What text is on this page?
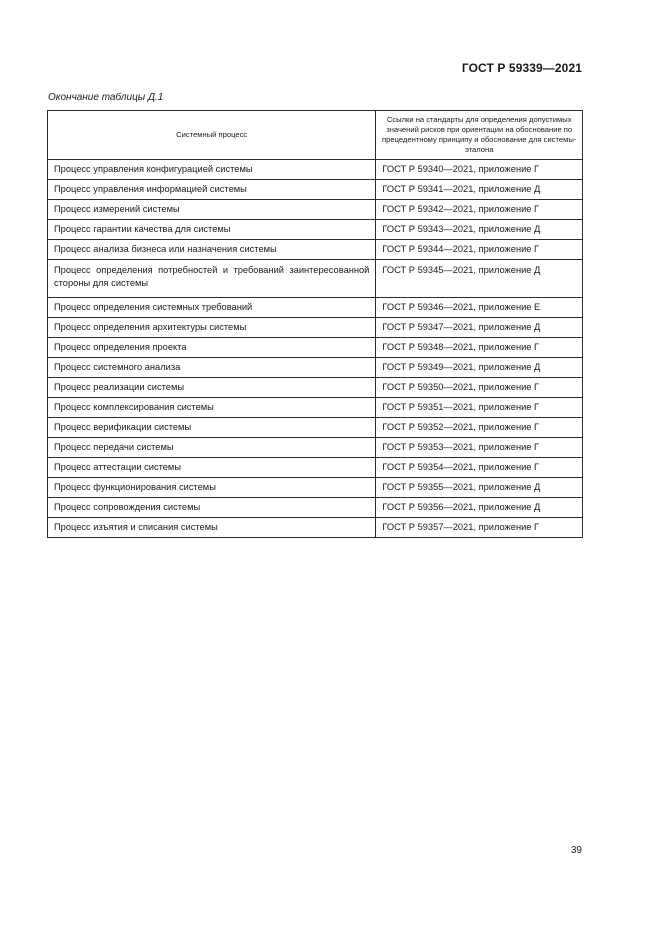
ГОСТ Р 59339—2021
Окончание таблицы Д.1
Системный процесс	Ссылки на стандарты для определения допустимых значений рисков при ориентации на обоснование по прецедентному принципу и обоснование для системы-эталона
Процесс управления конфигурацией системы	ГОСТ Р 59340—2021, приложение Г
Процесс управления информацией системы	ГОСТ Р 59341—2021, приложение Д
Процесс измерений системы	ГОСТ Р 59342—2021, приложение Г
Процесс гарантии качества для системы	ГОСТ Р 59343—2021, приложение Д
Процесс анализа бизнеса или назначения системы	ГОСТ Р 59344—2021, приложение Г
Процесс определения потребностей и требований заинтересованной стороны для системы	ГОСТ Р 59345—2021, приложение Д
Процесс определения системных требований	ГОСТ Р 59346—2021, приложение Е
Процесс определения архитектуры системы	ГОСТ Р 59347—2021, приложение Д
Процесс определения проекта	ГОСТ Р 59348—2021, приложение Г
Процесс системного анализа	ГОСТ Р 59349—2021, приложение Д
Процесс реализации системы	ГОСТ Р 59350—2021, приложение Г
Процесс комплексирования системы	ГОСТ Р 59351—2021, приложение Г
Процесс верификации системы	ГОСТ Р 59352—2021, приложение Г
Процесс передачи системы	ГОСТ Р 59353—2021, приложение Г
Процесс аттестации системы	ГОСТ Р 59354—2021, приложение Г
Процесс функционирования системы	ГОСТ Р 59355—2021, приложение Д
Процесс сопровождения системы	ГОСТ Р 59356—2021, приложение Д
Процесс изъятия и списания системы	ГОСТ Р 59357—2021, приложение Г
39
